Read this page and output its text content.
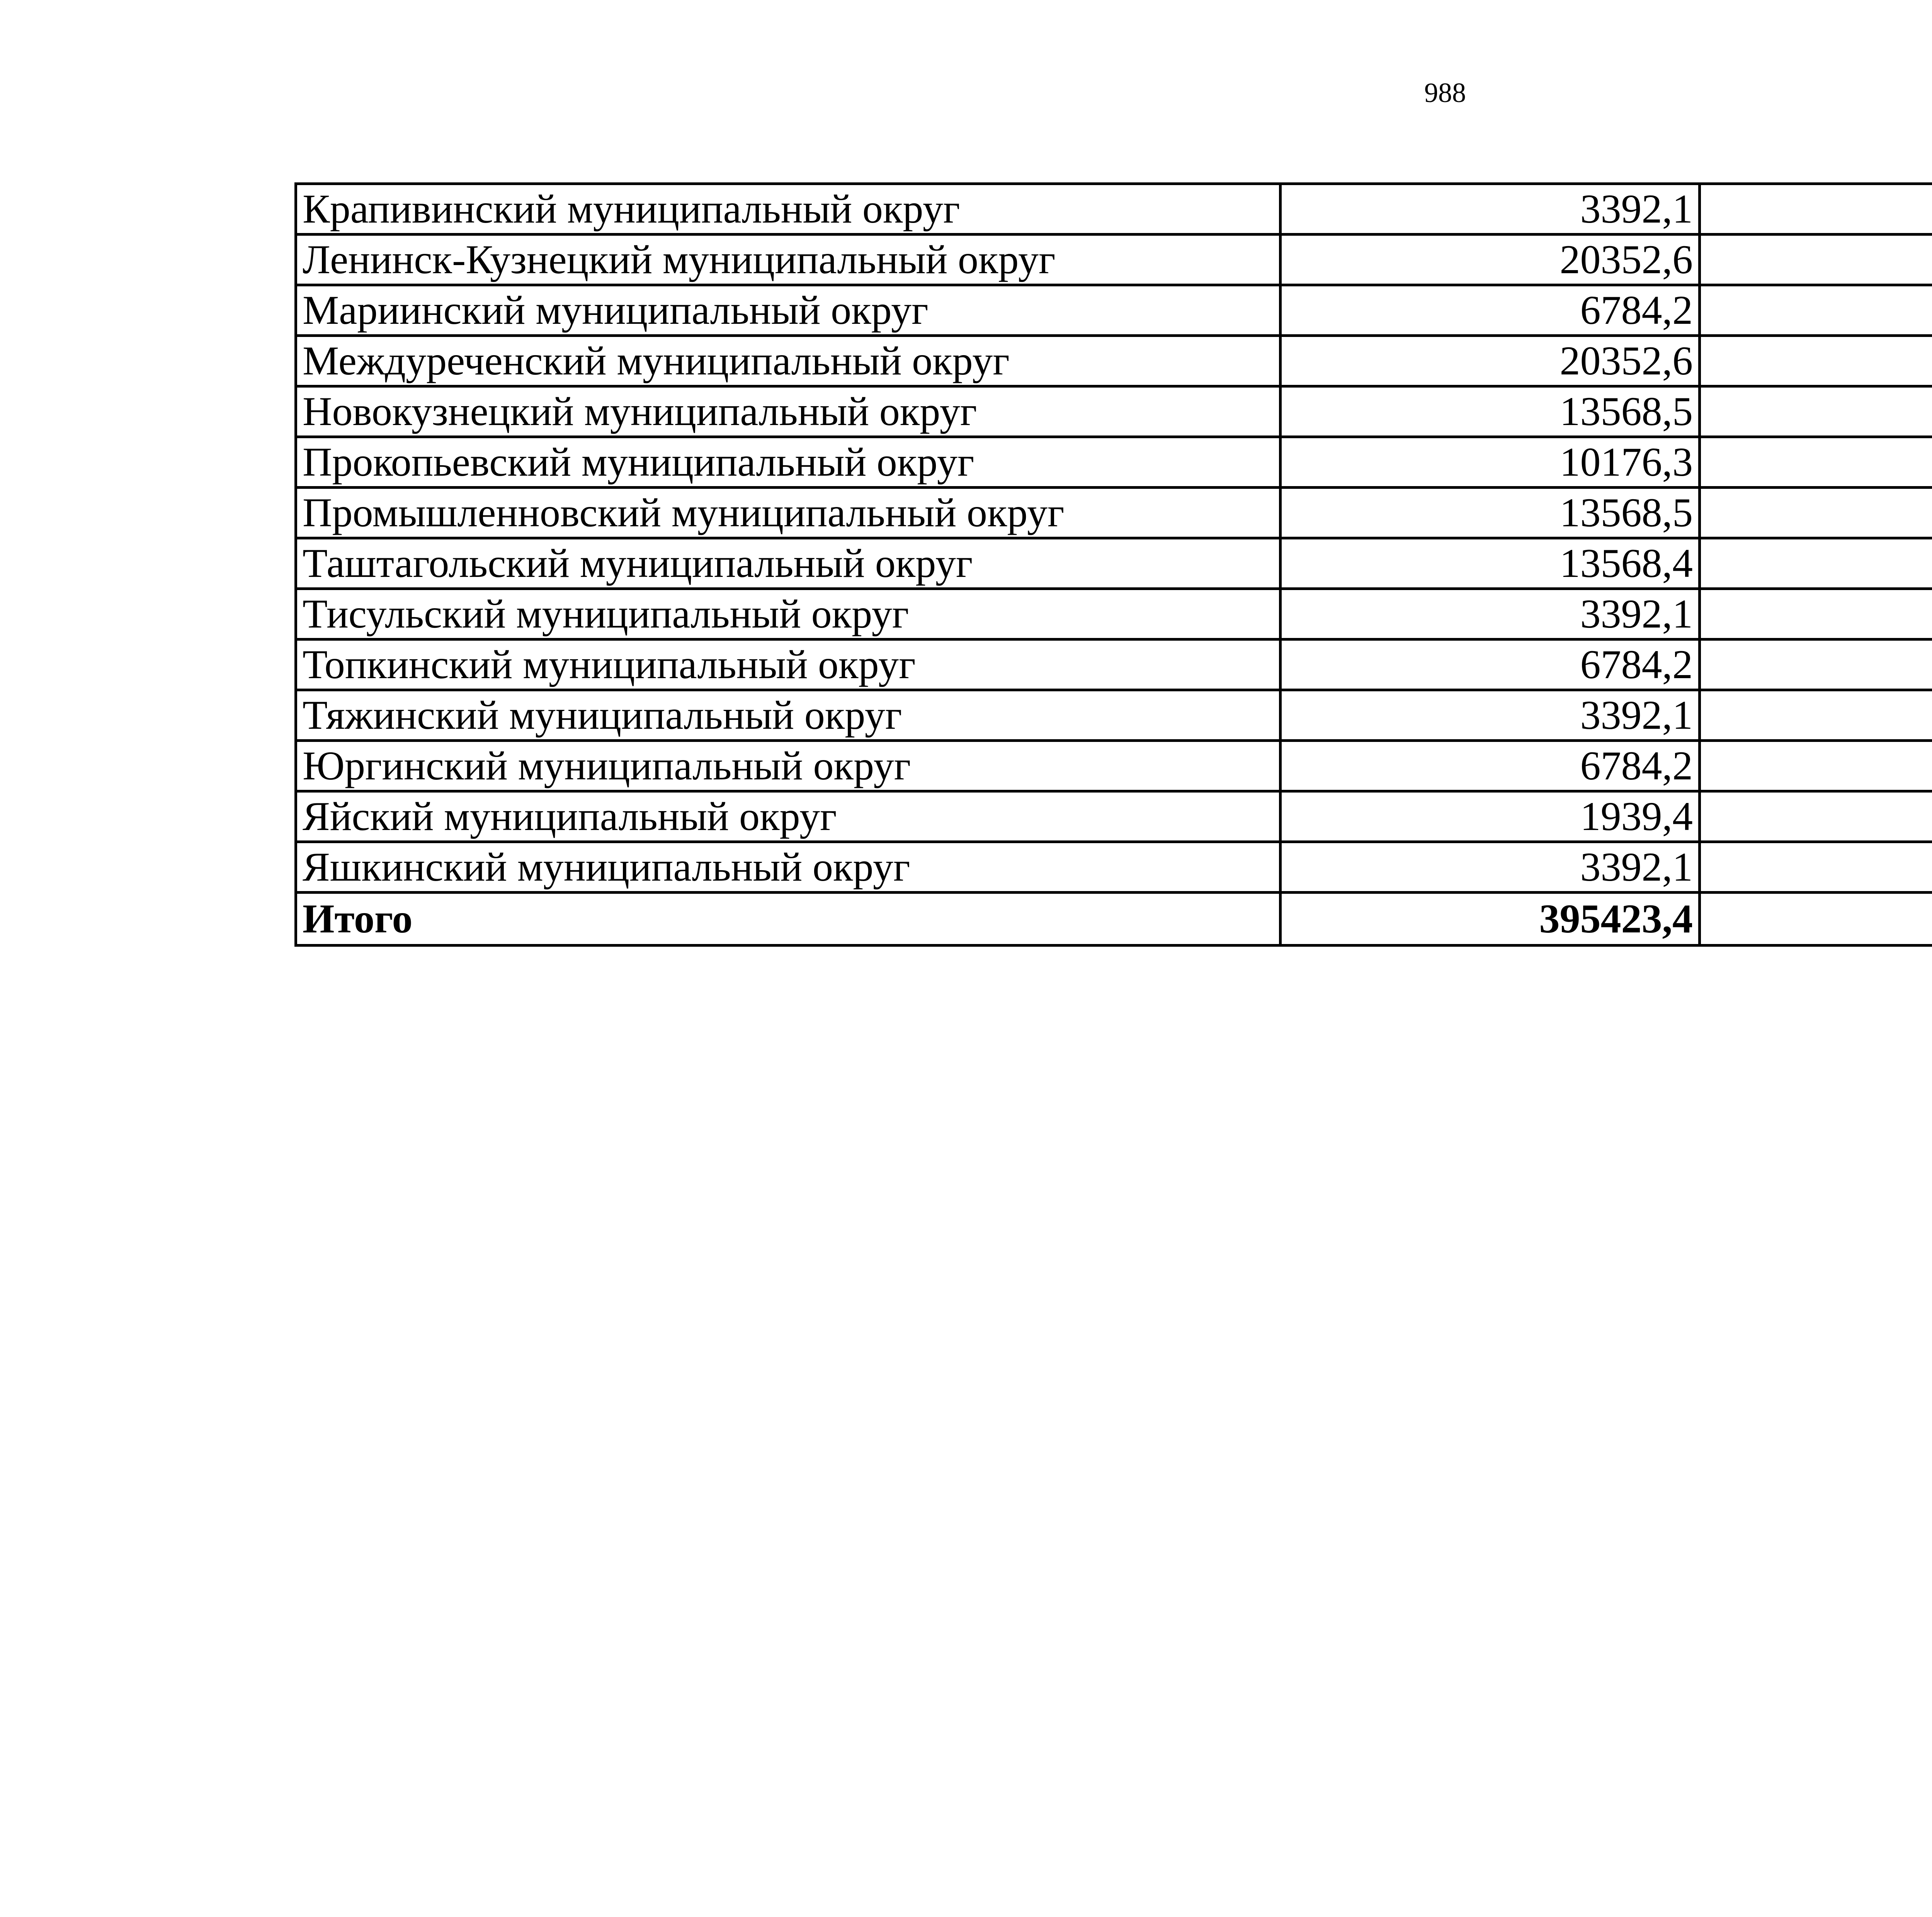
988
Крапивинский муниципальный округ	3392,1		
Ленинск-Кузнецкий муниципальный округ	20352,6		
Мариинский муниципальный округ	6784,2		
Междуреченский муниципальный округ	20352,6		
Новокузнецкий муниципальный округ	13568,5		
Прокопьевский муниципальный округ	10176,3		
Промышленновский муниципальный округ	13568,5		
Таштагольский муниципальный округ	13568,4		
Тисульский муниципальный округ	3392,1		
Топкинский муниципальный округ	6784,2		
Тяжинский муниципальный округ	3392,1		
Юргинский муниципальный округ	6784,2		
Яйский муниципальный округ	1939,4		
Яшкинский муниципальный округ	3392,1		
Итого	395423,4		
